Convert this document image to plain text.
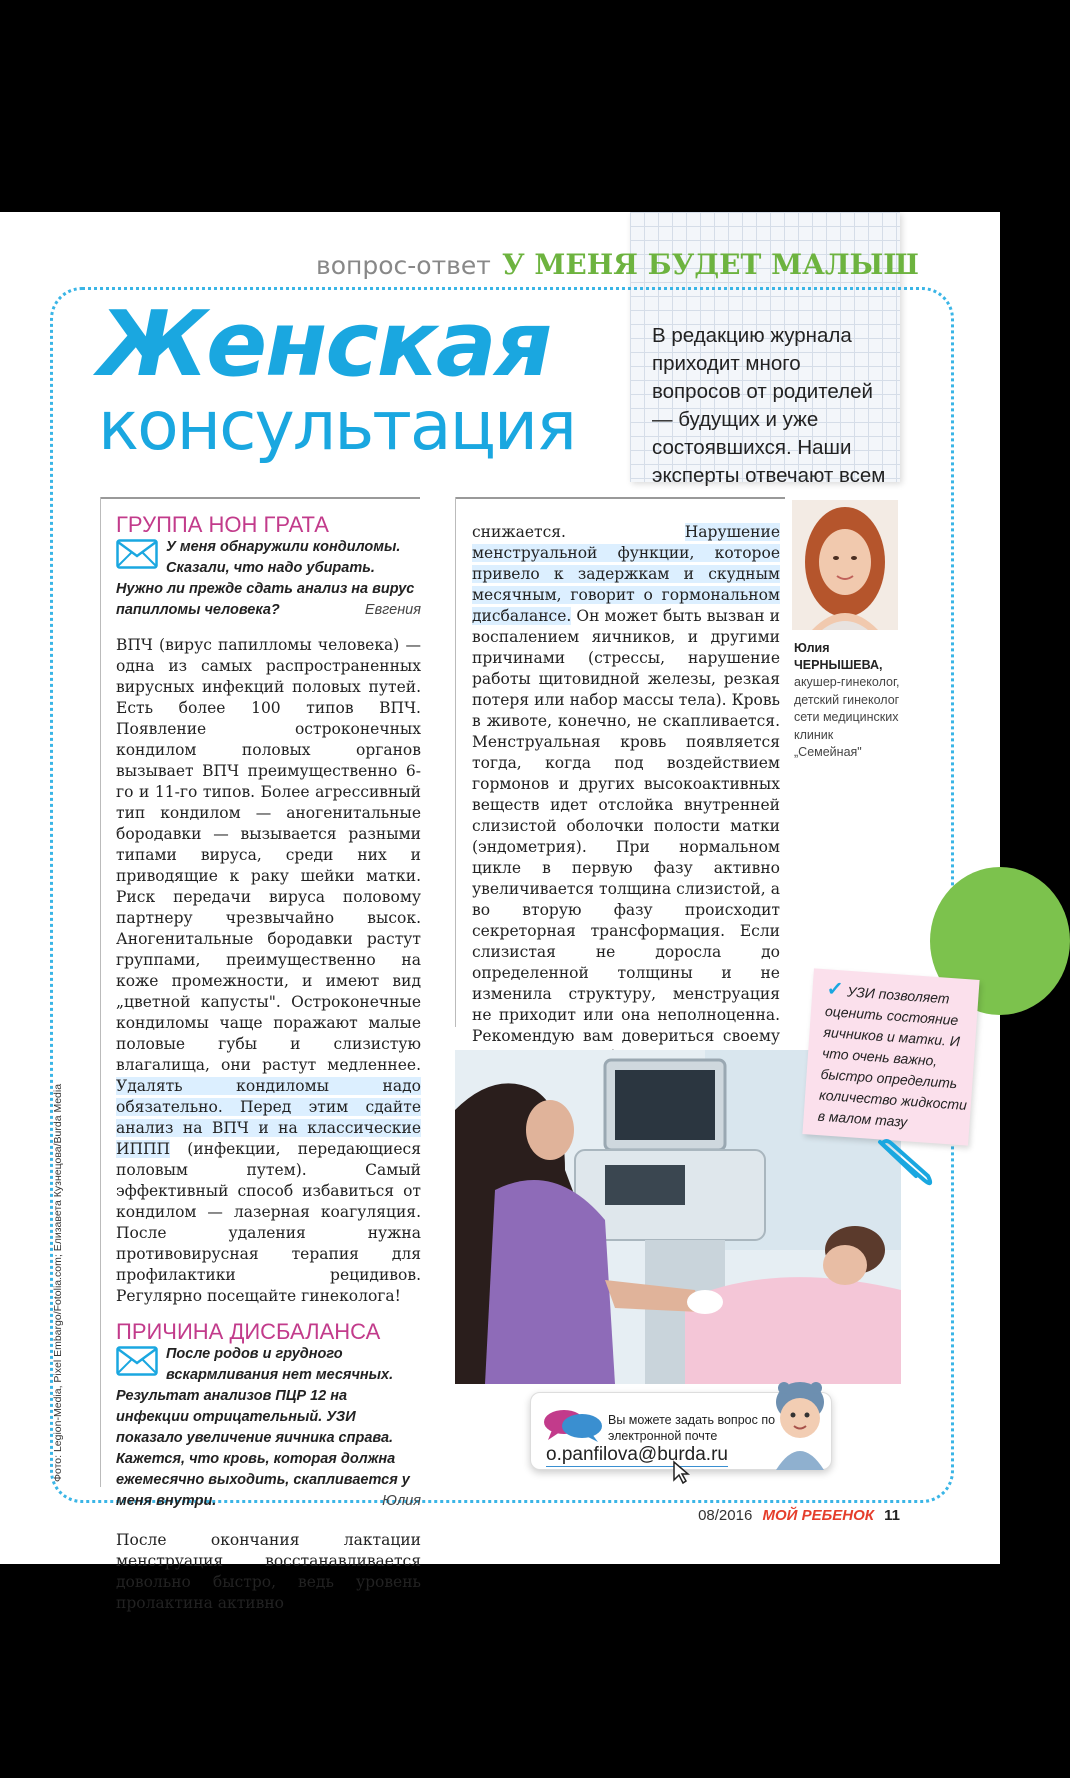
вопрос-ответ У МЕНЯ БУДЕТ МАЛЫШ
Женская
консультация
В редакцию журнала приходит много вопросов от родителей — будущих и уже состоявшихся. Наши эксперты отвечают всем
ГРУППА НОН ГРАТА
У меня обнаружили кондиломы. Сказали, что надо убирать. Нужно ли прежде сдать анализ на вирус папилломы человека?	Евгения
ВПЧ (вирус папилломы человека) — одна из самых распространенных вирусных инфекций половых путей. Есть более 100 типов ВПЧ. Появление остроконечных кондилом половых органов вызывает ВПЧ преимущественно 6-го и 11-го типов. Более агрессивный тип кондилом — аногенитальные бородавки — вызывается разными типами вируса, среди них и приводящие к раку шейки матки. Риск передачи вируса половому партнеру чрезвычайно высок. Аногенитальные бородавки растут группами, преимущественно на коже промежности, и имеют вид „цветной капусты". Остроконечные кондиломы чаще поражают малые половые губы и слизистую влагалища, они растут медленнее. Удалять кондиломы надо обязательно. Перед этим сдайте анализ на ВПЧ и на классические ИППП (инфекции, передающиеся половым путем). Самый эффективный способ избавиться от кондилом — лазерная коагуляция. После удаления нужна противовирусная терапия для профилактики рецидивов. Регулярно посещайте гинеколога!
ПРИЧИНА ДИСБАЛАНСА
После родов и грудного вскармливания нет месячных. Результат анализов ПЦР 12 на инфекции отрицательный. УЗИ показало увеличение яичника справа. Кажется, что кровь, которая должна ежемесячно выходить, скапливается у меня внутри.	Юлия
После окончания лактации менструация восстанавливается довольно быстро, ведь уровень пролактина активно
снижается.	Нарушение менструальной функции, которое привело к задержкам и скудным месячным, говорит о гормональном дисбалансе. Он может быть вызван и воспалением яичников, и другими причинами (стрессы, нарушение работы щитовидной железы, резкая потеря или набор массы тела). Кровь в животе, конечно, не скапливается. Менструальная кровь появляется тогда, когда под воздействием гормонов и других высокоактивных веществ идет отслойка внутренней слизистой оболочки полости матки (эндометрия). При нормальном цикле в первую фазу активно увеличивается толщина слизистой, а во вторую фазу происходит секреторная трансформация. Если слизистая не доросла до определенной толщины и не изменила структуру, менструация не приходит или она неполноценна. Рекомендую вам довериться своему
Юлия
ЧЕРНЫШЕВА,
акушер-гинеколог, детский гинеколог сети медицинских клиник „Семейная"
✓ УЗИ позволяет оценить состояние яичников и матки. И что очень важно, быстро определить количество жидкости в малом тазу
Вы можете задать вопрос по электронной почте
o.panfilova@burda.ru
Фото: Legion-Media, Pixel Embargo/Fotolia.com; Елизавета Кузнецова/Burda Media
08/2016 МОЙ РЕБЕНОК 11
